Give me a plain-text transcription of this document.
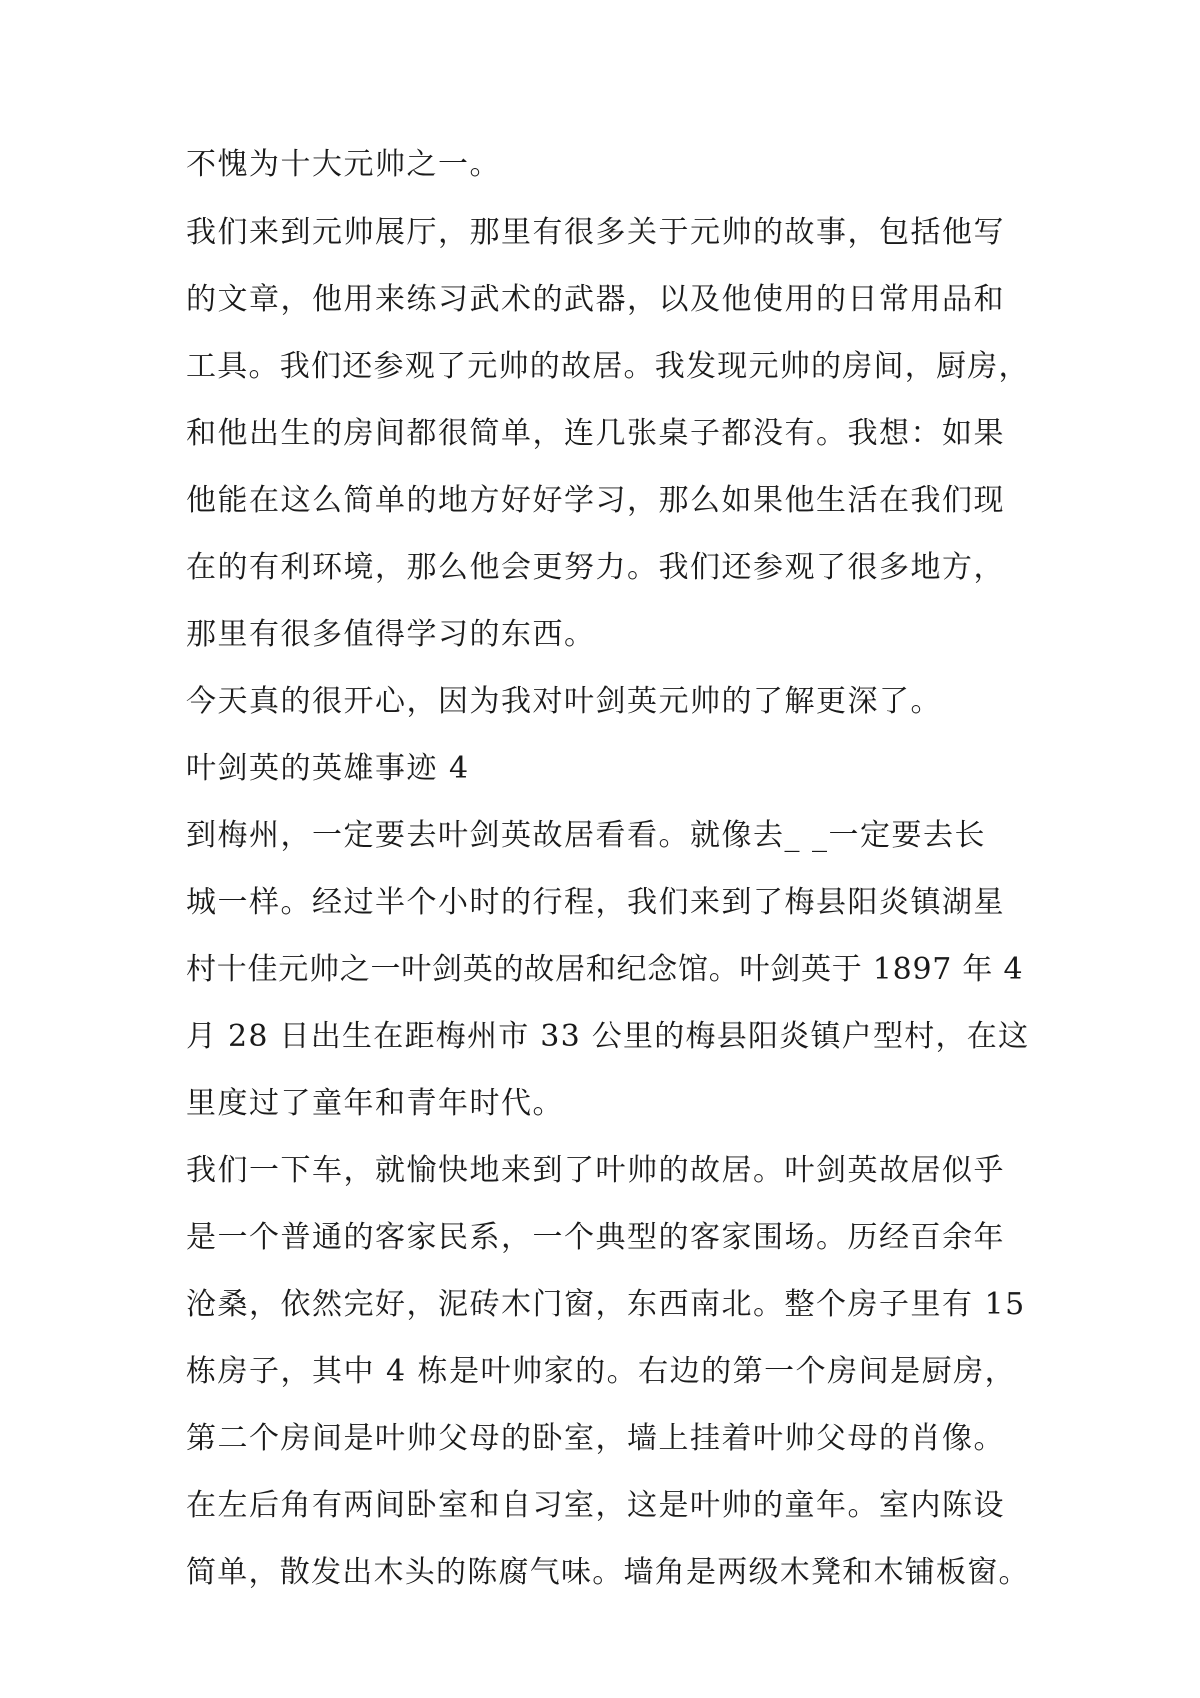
不愧为十大元帅之一。
我们来到元帅展厅，那里有很多关于元帅的故事，包括他写
的文章，他用来练习武术的武器，以及他使用的日常用品和
工具。我们还参观了元帅的故居。我发现元帅的房间，厨房，
和他出生的房间都很简单，连几张桌子都没有。我想：如果
他能在这么简单的地方好好学习，那么如果他生活在我们现
在的有利环境，那么他会更努力。我们还参观了很多地方，
那里有很多值得学习的东西。
今天真的很开心，因为我对叶剑英元帅的了解更深了。
叶剑英的英雄事迹 4
到梅州，一定要去叶剑英故居看看。就像去_ _一定要去长
城一样。经过半个小时的行程，我们来到了梅县阳炎镇湖星
村十佳元帅之一叶剑英的故居和纪念馆。叶剑英于 1897 年 4
月 28 日出生在距梅州市 33 公里的梅县阳炎镇户型村，在这
里度过了童年和青年时代。
我们一下车，就愉快地来到了叶帅的故居。叶剑英故居似乎
是一个普通的客家民系，一个典型的客家围场。历经百余年
沧桑，依然完好，泥砖木门窗，东西南北。整个房子里有 15
栋房子，其中 4 栋是叶帅家的。右边的第一个房间是厨房，
第二个房间是叶帅父母的卧室，墙上挂着叶帅父母的肖像。
在左后角有两间卧室和自习室，这是叶帅的童年。室内陈设
简单，散发出木头的陈腐气味。墙角是两级木凳和木铺板窗。
